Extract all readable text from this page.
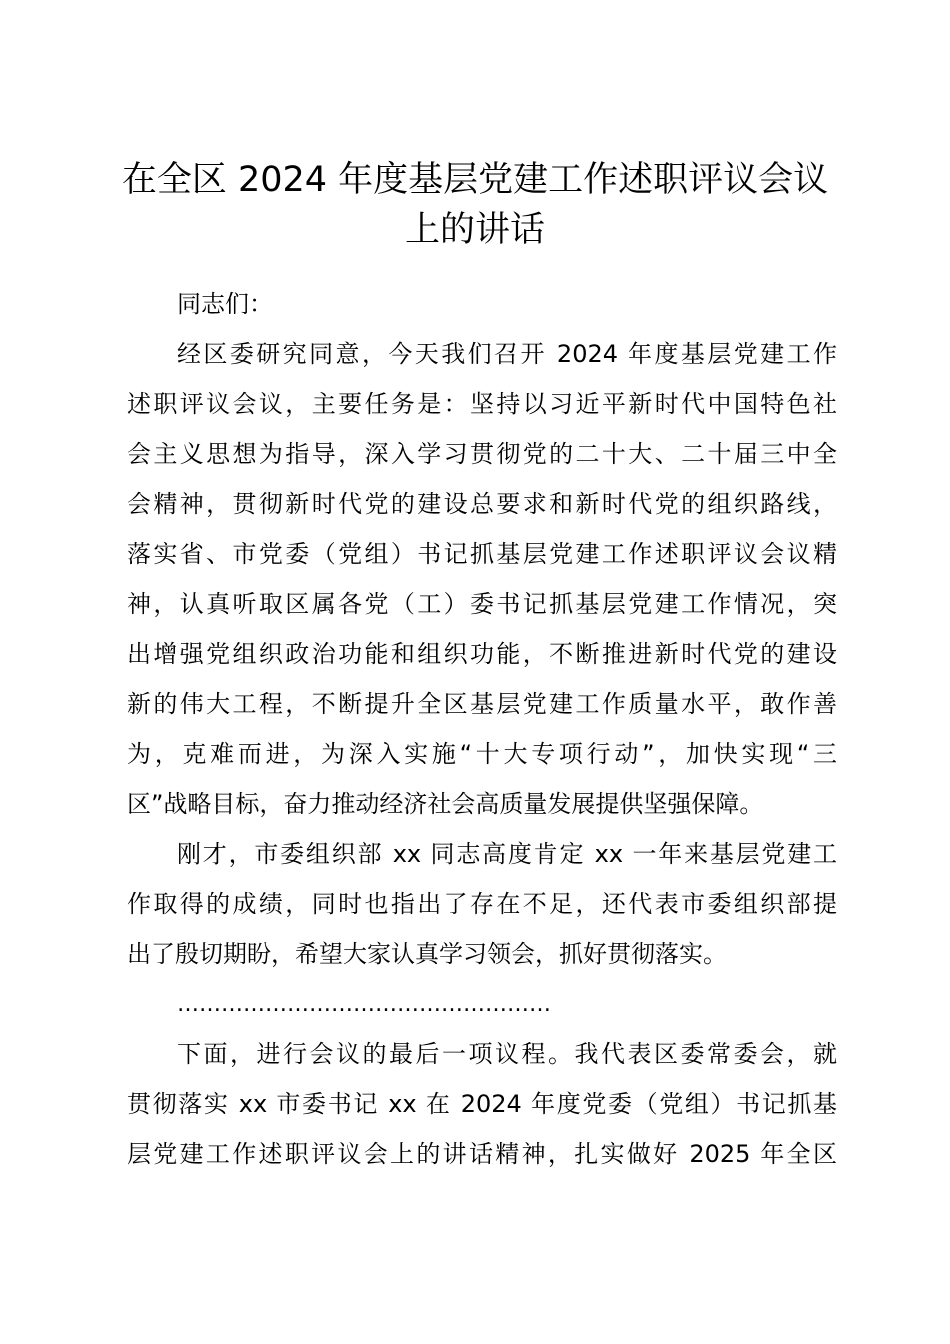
在全区 2024 年度基层党建工作述职评议会议
上的讲话
同志们：
经区委研究同意，今天我们召开 2024 年度基层党建工作
述职评议会议，主要任务是：坚持以习近平新时代中国特色社
会主义思想为指导，深入学习贯彻党的二十大、二十届三中全
会精神，贯彻新时代党的建设总要求和新时代党的组织路线，
落实省、市党委（党组）书记抓基层党建工作述职评议会议精
神，认真听取区属各党（工）委书记抓基层党建工作情况，突
出增强党组织政治功能和组织功能，不断推进新时代党的建设
新的伟大工程，不断提升全区基层党建工作质量水平，敢作善
为，克难而进，为深入实施“十大专项行动”，加快实现“三
区”战略目标，奋力推动经济社会高质量发展提供坚强保障。
刚才，市委组织部 xx 同志高度肯定 xx 一年来基层党建工
作取得的成绩，同时也指出了存在不足，还代表市委组织部提
出了殷切期盼，希望大家认真学习领会，抓好贯彻落实。
……………………………………………
下面，进行会议的最后一项议程。我代表区委常委会，就
贯彻落实 xx 市委书记 xx 在 2024 年度党委（党组）书记抓基
层党建工作述职评议会上的讲话精神，扎实做好 2025 年全区
